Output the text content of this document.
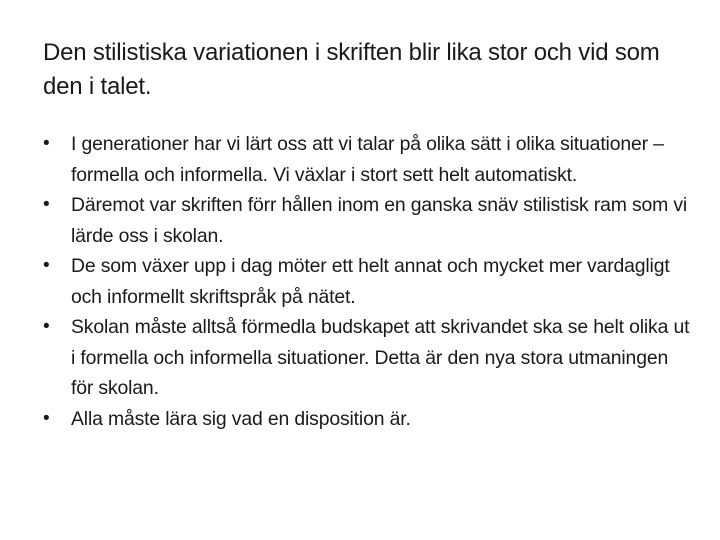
Den stilistiska variationen i skriften blir lika stor och vid som den i talet.
•	I generationer har vi lärt oss att vi talar på olika sätt i olika situationer – formella och informella. Vi växlar i stort sett helt automatiskt.
•	Däremot var skriften förr hållen inom en ganska snäv stilistisk ram som vi lärde oss i skolan.
•	De som växer upp i dag möter ett helt annat och mycket mer vardagligt och informellt skriftspråk på nätet.
•	Skolan måste alltså förmedla budskapet att skrivandet ska se helt olika ut i formella och informella situationer. Detta är den nya stora utmaningen för skolan.
•	Alla måste lära sig vad en disposition är.
